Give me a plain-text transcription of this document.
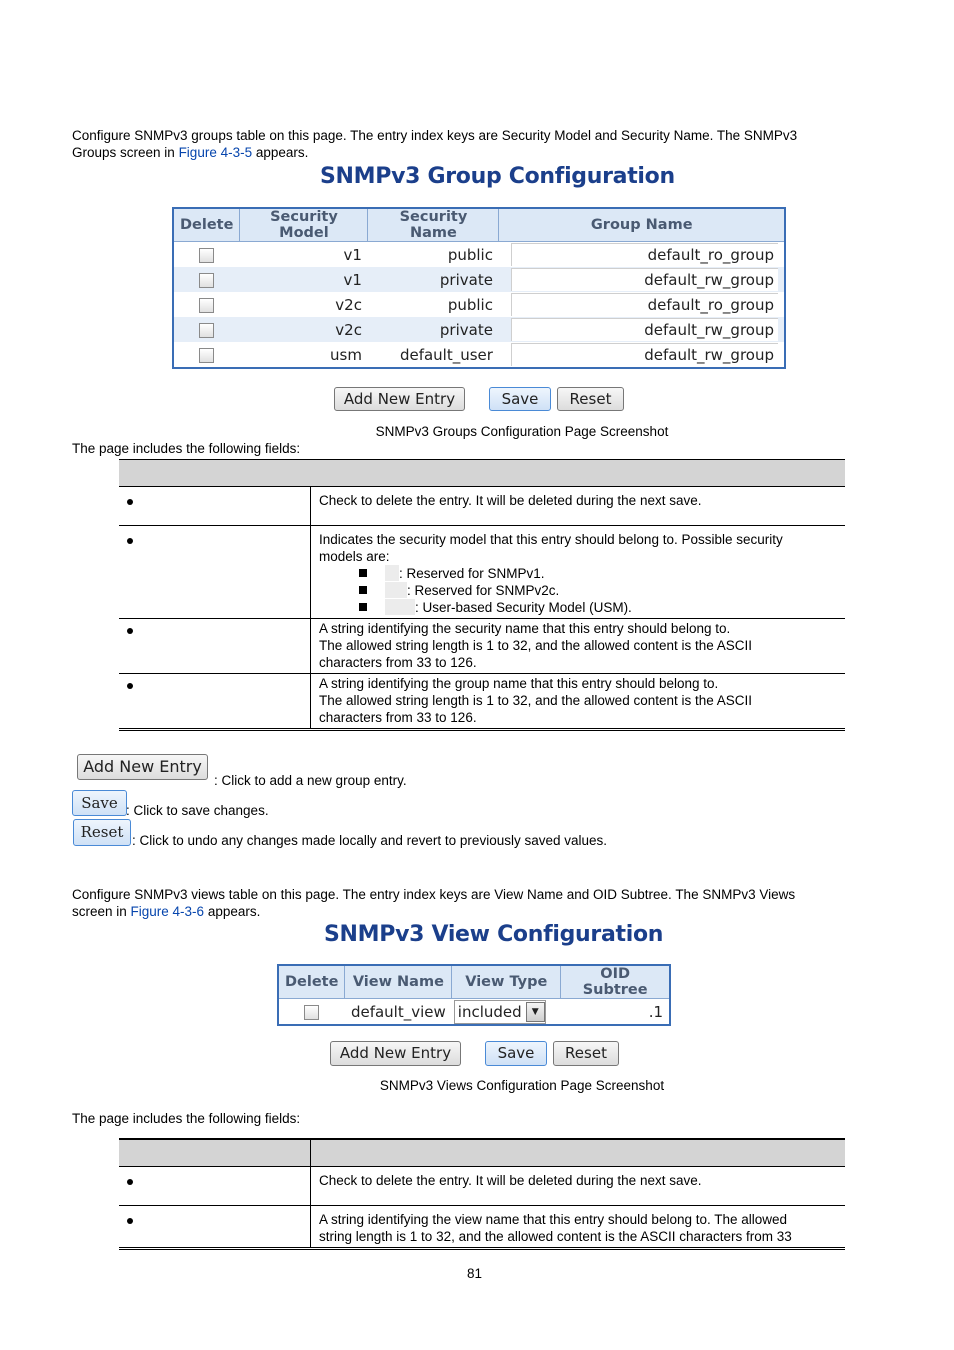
Configure SNMPv3 groups table on this page. The entry index keys are Security Model and Security Name. The SNMPv3
Groups screen in Figure 4-3-5 appears.
SNMPv3 Group Configuration
Delete	Security Model	Security Name	Group Name
	v1	public	default_ro_group
	v1	private	default_rw_group
	v2c	public	default_ro_group
	v2c	private	default_rw_group
	usm	default_user	default_rw_group
Add New Entry	Save	Reset
SNMPv3 Groups Configuration Page Screenshot
The page includes the following fields:

	Check to delete the entry. It will be deleted during the next save.

	Indicates the security model that this entry should belong to. Possible security
models are:
: Reserved for SNMPv1.
: Reserved for SNMPv2c.
: User-based Security Model (USM).

	A string identifying the security name that this entry should belong to.
The allowed string length is 1 to 32, and the allowed content is the ASCII
characters from 33 to 126.

	A string identifying the group name that this entry should belong to.
The allowed string length is 1 to 32, and the allowed content is the ASCII
characters from 33 to 126.
Add New Entry
: Click to add a new group entry.
Save : Click to save changes.
Reset : Click to undo any changes made locally and revert to previously saved values.
Configure SNMPv3 views table on this page. The entry index keys are View Name and OID Subtree. The SNMPv3 Views
screen in Figure 4-3-6 appears.
SNMPv3 View Configuration
Delete	View Name	View Type	OID Subtree
	default_view	included ▼	.1
Add New Entry	Save	Reset
SNMPv3 Views Configuration Page Screenshot
The page includes the following fields:

	Check to delete the entry. It will be deleted during the next save.

	A string identifying the view name that this entry should belong to. The allowed
string length is 1 to 32, and the allowed content is the ASCII characters from 33
81
